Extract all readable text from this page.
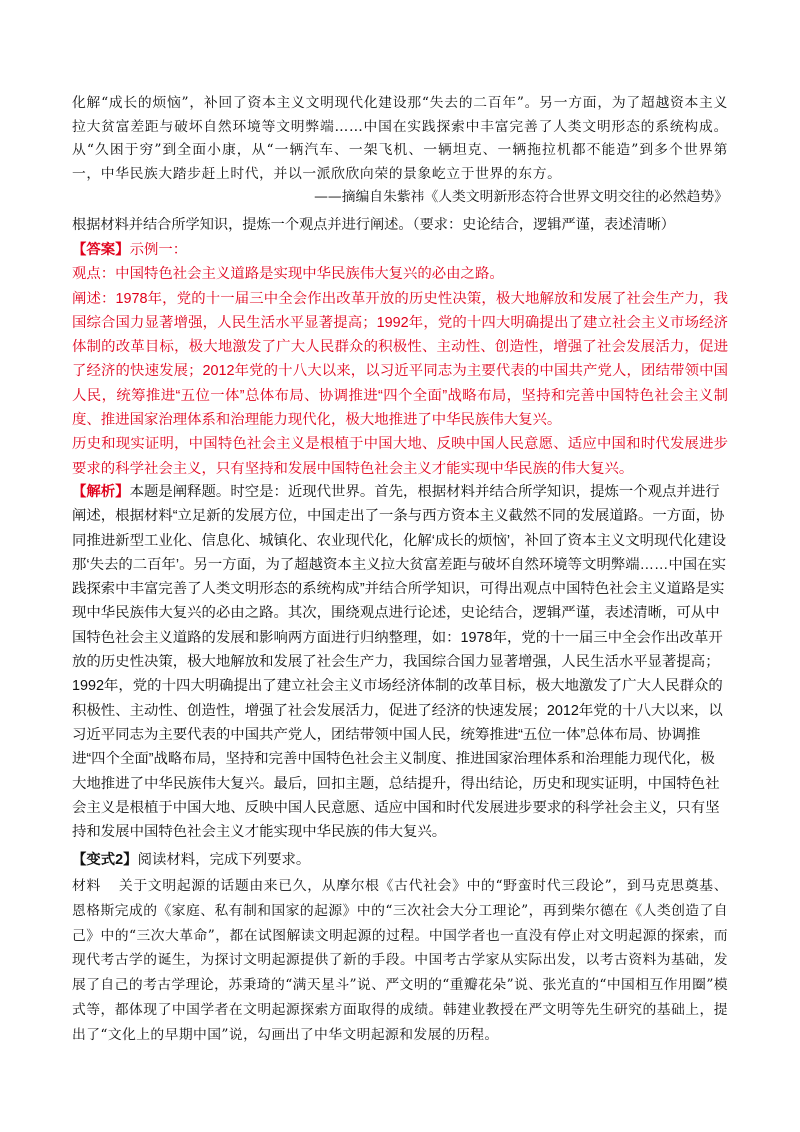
化解“成长的烦恼”，补回了资本主义文明现代化建设那“失去的二百年”。另一方面，为了超越资本主义拉大贫富差距与破坏自然环境等文明弊端……中国在实践探索中丰富完善了人类文明形态的系统构成。从“久困于穷”到全面小康，从“一辆汽车、一架飞机、一辆坦克、一辆拖拉机都不能造”到多个世界第一，中华民族大踏步赶上时代，并以一派欣欣向荣的景象屹立于世界的东方。

——摘编自朱紫祎《人类文明新形态符合世界文明交往的必然趋势》

根据材料并结合所学知识，提炼一个观点并进行阐述。（要求：史论结合，逻辑严谨，表述清晰）

【答案】示例一：

观点：中国特色社会主义道路是实现中华民族伟大复兴的必由之路。

阐述：1978年，党的十一届三中全会作出改革开放的历史性决策，极大地解放和发展了社会生产力，我国综合国力显著增强，人民生活水平显著提高；1992年，党的十四大明确提出了建立社会主义市场经济体制的改革目标，极大地激发了广大人民群众的积极性、主动性、创造性，增强了社会发展活力，促进了经济的快速发展；2012年党的十八大以来，以习近平同志为主要代表的中国共产党人，团结带领中国人民，统筹推进“五位一体”总体布局、协调推进“四个全面”战略布局，坚持和完善中国特色社会主义制度、推进国家治理体系和治理能力现代化，极大地推进了中华民族伟大复兴。

历史和现实证明，中国特色社会主义是根植于中国大地、反映中国人民意愿、适应中国和时代发展进步要求的科学社会主义，只有坚持和发展中国特色社会主义才能实现中华民族的伟大复兴。

【解析】本题是阐释题。时空是：近现代世界。首先，根据材料并结合所学知识，提炼一个观点并进行阐述，根据材料“立足新的发展方位，中国走出了一条与西方资本主义截然不同的发展道路。一方面，协同推进新型工业化、信息化、城镇化、农业现代化，化解‘成长的烦恼’，补回了资本主义文明现代化建设那‘失去的二百年’。另一方面，为了超越资本主义拉大贫富差距与破坏自然环境等文明弊端……中国在实践探索中丰富完善了人类文明形态的系统构成”并结合所学知识，可得出观点中国特色社会主义道路是实现中华民族伟大复兴的必由之路。其次，围绕观点进行论述，史论结合，逻辑严谨，表述清晰，可从中国特色社会主义道路的发展和影响两方面进行归纳整理，如：1978年，党的十一届三中全会作出改革开放的历史性决策，极大地解放和发展了社会生产力，我国综合国力显著增强，人民生活水平显著提高；1992年，党的十四大明确提出了建立社会主义市场经济体制的改革目标，极大地激发了广大人民群众的积极性、主动性、创造性，增强了社会发展活力，促进了经济的快速发展；2012年党的十八大以来，以习近平同志为主要代表的中国共产党人，团结带领中国人民，统筹推进“五位一体”总体布局、协调推进“四个全面”战略布局，坚持和完善中国特色社会主义制度、推进国家治理体系和治理能力现代化，极大地推进了中华民族伟大复兴。最后，回扣主题，总结提升，得出结论，历史和现实证明，中国特色社会主义是根植于中国大地、反映中国人民意愿、适应中国和时代发展进步要求的科学社会主义，只有坚持和发展中国特色社会主义才能实现中华民族的伟大复兴。

【变式2】阅读材料，完成下列要求。

材料 关于文明起源的话题由来已久，从摩尔根《古代社会》中的“野蛮时代三段论”，到马克思奠基、恩格斯完成的《家庭、私有制和国家的起源》中的“三次社会大分工理论”，再到柴尔德在《人类创造了自己》中的“三次大革命”，都在试图解读文明起源的过程。中国学者也一直没有停止对文明起源的探索，而现代考古学的诞生，为探讨文明起源提供了新的手段。中国考古学家从实际出发，以考古资料为基础，发展了自己的考古学理论，苏秉琦的“满天星斗”说、严文明的“重瓣花朵”说、张光直的“中国相互作用圈”模式等，都体现了中国学者在文明起源探索方面取得的成绩。韩建业教授在严文明等先生研究的基础上，提出了“文化上的早期中国”说，勾画出了中华文明起源和发展的历程。
